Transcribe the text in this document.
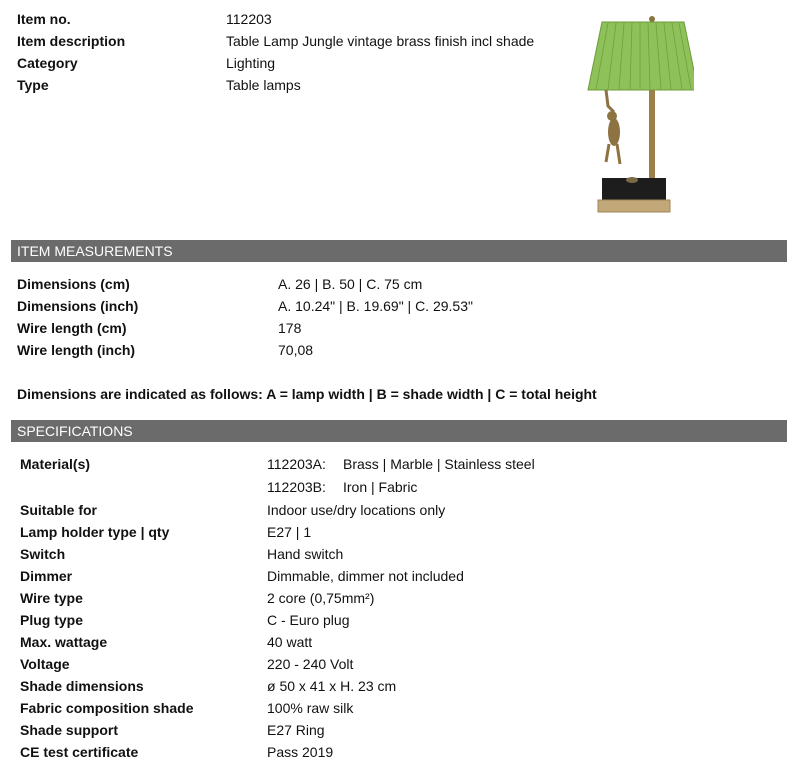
Item no.	112203
Item description	Table Lamp Jungle vintage brass finish incl shade
Category	Lighting
Type	Table lamps
ITEM MEASUREMENTS
Dimensions (cm)	A. 26 | B. 50 | C. 75 cm
Dimensions (inch)	A. 10.24" | B. 19.69" | C. 29.53"
Wire length (cm)	178
Wire length (inch)	70,08
Dimensions are indicated as follows: A = lamp width | B = shade width | C = total height
SPECIFICATIONS
Material(s)	112203A: Brass | Marble | Stainless steel
112203B: Iron | Fabric
Suitable for	Indoor use/dry locations only
Lamp holder type | qty	E27 | 1
Switch	Hand switch
Dimmer	Dimmable, dimmer not included
Wire type	2 core (0,75mm²)
Plug type	C - Euro plug
Max. wattage	40 watt
Voltage	220 - 240 Volt
Shade dimensions	ø 50 x 41 x H. 23 cm
Fabric composition shade	100% raw silk
Shade support	E27 Ring
CE test certificate	Pass 2019
